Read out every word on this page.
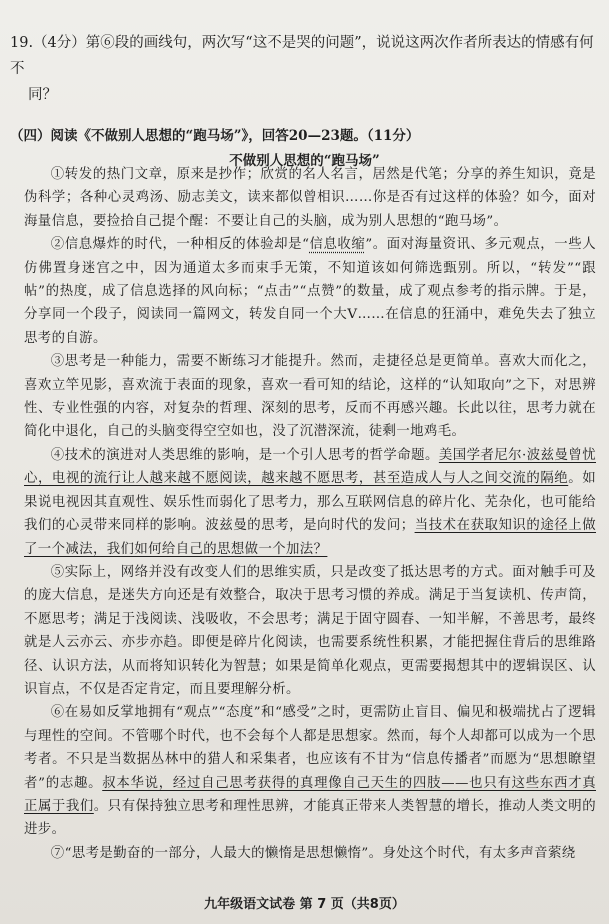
19.（4分）第⑥段的画线句，两次写“这不是哭的问题”，说说这两次作者所表达的情感有何不
同？
（四）阅读《不做别人思想的“跑马场”》，回答20—23题。（11分）
不做别人思想的“跑马场”

①转发的热门文章，原来是抄作；欣赏的名人名言，居然是代笔；分享的养生知识，竟是伪科学；各种心灵鸡汤、励志美文，读来都似曾相识……你是否有过这样的体验？如今，面对海量信息，要捡拾自己提个醒：不要让自己的头脑，成为别人思想的“跑马场”。

②信息爆炸的时代，一种相反的体验却是“信息收缩”。面对海量资讯、多元观点，一些人仿佛置身迷宫之中，因为通道太多而束手无策，不知道该如何筛选甄别。所以，“转发”“跟帖”的热度，成了信息选择的风向标；“点击”“点赞”的数量，成了观点参考的指示牌。于是，分享同一个段子，阅读同一篇网文，转发自同一个大V……在信息的狂涌中，难免失去了独立思考的自游。

③思考是一种能力，需要不断练习才能提升。然而，走捷径总是更简单。喜欢大而化之，喜欢立竿见影，喜欢流于表面的现象，喜欢一看可知的结论，这样的“认知取向”之下，对思辨性、专业性强的内容，对复杂的哲理、深刻的思考，反而不再感兴趣。长此以往，思考力就在简化中退化，自己的头脑变得空空如也，没了沉潜深流，徒剩一地鸡毛。

④技术的演进对人类思维的影响，是一个引人思考的哲学命题。美国学者尼尔·波兹曼曾忧心，电视的流行让人越来越不愿阅读，越来越不愿思考，甚至造成人与人之间交流的隔绝。如果说电视因其直观性、娱乐性而弱化了思考力，那么互联网信息的碎片化、芜杂化，也可能给我们的心灵带来同样的影响。波兹曼的思考，是向时代的发问；当技术在获取知识的途径上做了一个减法，我们如何给自己的思想做一个加法？

⑤实际上，网络并没有改变人们的思维实质，只是改变了抵达思考的方式。面对触手可及的庞大信息，是迷失方向还是有效整合，取决于思考习惯的养成。满足于当复读机、传声筒，不愿思考；满足于浅阅读、浅吸收，不会思考；满足于固守圆春、一知半解，不善思考，最终就是人云亦云、亦步亦趋。即便是碎片化阅读，也需要系统性积累，才能把握住背后的思维路径、认识方法，从而将知识转化为智慧；如果是简单化观点，更需要揭想其中的逻辑误区、认识盲点，不仅是否定肯定，而且要理解分析。

⑥在易如反掌地拥有“观点”“态度”和“感受”之时，更需防止盲目、偏见和极端扰占了逻辑与理性的空间。不管哪个时代，也不会每个人都是思想家。然而，每个人却都可以成为一个思考者。不只是当数据丛林中的猎人和采集者，也应该有不甘为“信息传播者”而愿为“思想瞭望者”的志趣。叔本华说，经过自己思考获得的真理像自己天生的四肢——也只有这些东西才真正属于我们。只有保持独立思考和理性思辨，才能真正带来人类智慧的增长，推动人类文明的进步。

⑦“思考是勤奋的一部分，人最大的懒惰是思想懒惰”。身处这个时代，有太多声音萦绕

九年级语文试卷 第 7 页（共8页）
